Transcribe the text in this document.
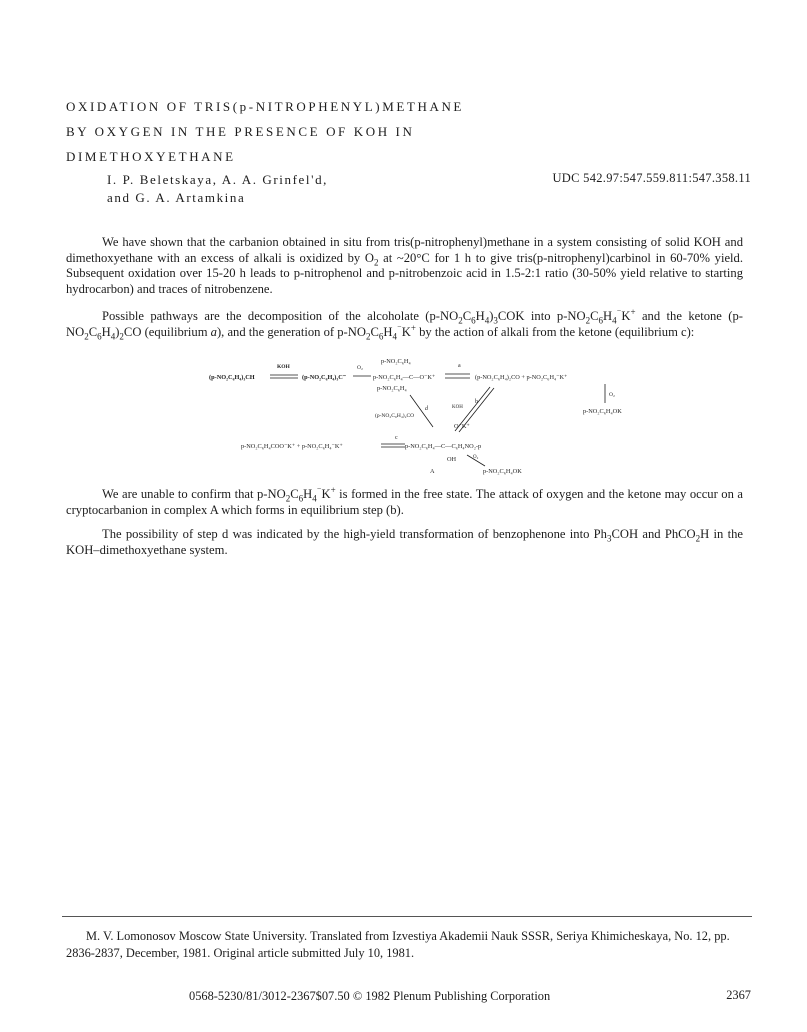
OXIDATION OF TRIS(p-NITROPHENYL)METHANE
BY OXYGEN IN THE PRESENCE OF KOH IN
DIMETHOXYETHANE
I. P. Beletskaya, A. A. Grinfel'd,
and G. A. Artamkina
UDC 542.97:547.559.811:547.358.11

We have shown that the carbanion obtained in situ from tris(p-nitrophenyl)methane in a system consisting of solid KOH and dimethoxyethane with an excess of alkali is oxidized by $O_2$ at ~20°C for 1 h to give tris(p-nitrophenyl)carbinol in 60-70% yield. Subsequent oxidation over 15-20 h leads to p-nitrophenol and p-nitrobenzoic acid in 1.5-2:1 ratio (30-50% yield relative to starting hydrocarbon) and traces of nitrobenzene.

Possible pathways are the decomposition of the alcoholate $(p-NO_2C_6H_4)_3COK$ into $p-NO_2C_6H_4^{^-}K^+$ and the ketone $(p-NO_2C_6H_4)_2CO$ (equilibrium a), and the generation of $p-NO_2C_6H_4^{^-}K^+$ by the action of alkali from the ketone (equilibrium c):

(p-NO₂C₆H₄)₃CH
KOH
(p-NO₂C₆H₄)₃C⁻
O₂
p-NO₂C₆H₄
p-NO₂C₆H₄—C—O⁻K⁺
p-NO₂C₆H₄
a
(p-NO₂C₆H₄)₂CO + p-NO₂C₆H₄⁻K⁺
O₂
p-NO₂C₆H₄OK
b
KOH
d
(p-NO₂C₆H₄)₂CO
p-NO₂C₆H₄COO⁻K⁺ + p-NO₂C₆H₄⁻K⁺
c
O⁻K⁺
p-NO₂C₆H₄—C—C₆H₄NO₂-p
OH
A
O₂
p-NO₂C₆H₄OK

We are unable to confirm that $p-NO_2C_6H_4^{^-}K^+$ is formed in the free state. The attack of oxygen and the ketone may occur on a cryptocarbanion in complex A which forms in equilibrium step (b).

The possibility of step d was indicated by the high-yield transformation of benzophenone into $Ph_3COH$ and PhCO$_2$H in the KOH–dimethoxyethane system.

M. V. Lomonosov Moscow State University. Translated from Izvestiya Akademii Nauk SSSR, Seriya Khimicheskaya, No. 12, pp. 2836-2837, December, 1981. Original article submitted July 10, 1981.
0568-5230/81/3012-2367$07.50 © 1982 Plenum Publishing Corporation	2367
